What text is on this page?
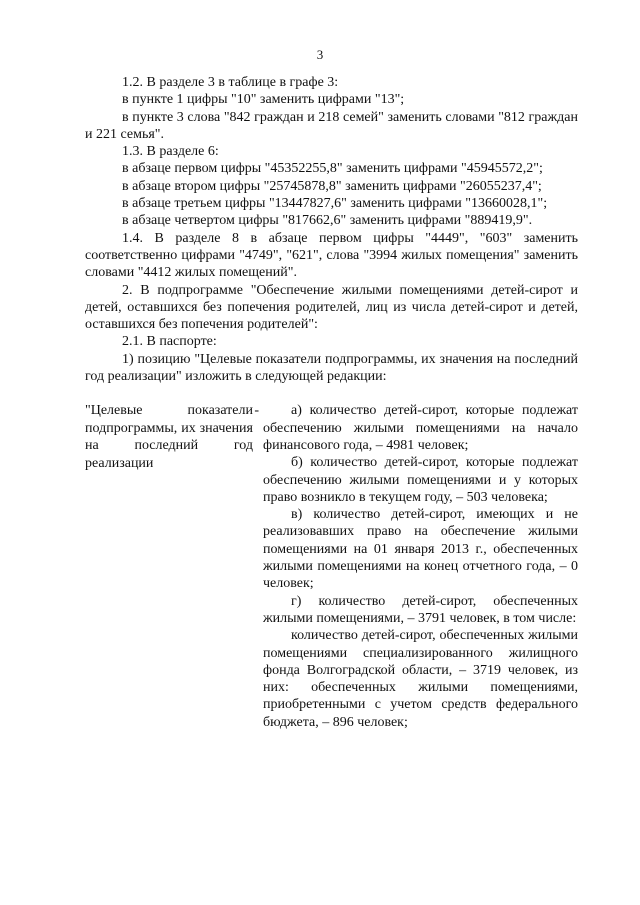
3

1.2. В разделе 3 в таблице в графе 3:

в пункте 1 цифры "10" заменить цифрами "13";

в пункте 3 слова "842 граждан и 218 семей" заменить словами "812 граждан и 221 семья".

1.3. В разделе 6:

в абзаце первом цифры "45352255,8" заменить цифрами "45945572,2";

в абзаце втором цифры "25745878,8" заменить цифрами "26055237,4";

в абзаце третьем цифры "13447827,6" заменить цифрами "13660028,1";

в абзаце четвертом цифры "817662,6" заменить цифрами "889419,9".

1.4. В разделе 8 в абзаце первом цифры "4449", "603" заменить соответственно цифрами "4749", "621", слова "3994 жилых помещения" заменить словами "4412 жилых помещений".

2. В подпрограмме "Обеспечение жилыми помещениями детей-сирот и детей, оставшихся без попечения родителей, лиц из числа детей-сирот и детей, оставшихся без попечения родителей":

2.1. В паспорте:

1) позицию "Целевые показатели подпрограммы, их значения на последний год реализации" изложить в следующей редакции:

"Целевые показатели подпрограммы, их значения на последний год реализации
-	а) количество детей-сирот, которые подлежат обеспечению жилыми помещениями на начало финансового года, – 4981 человек;

б) количество детей-сирот, которые подлежат обеспечению жилыми помещениями и у которых право возникло в текущем году, – 503 человека;

в) количество детей-сирот, имеющих и не реализовавших право на обеспечение жилыми помещениями на 01 января 2013 г., обеспеченных жилыми помещениями на конец отчетного года, – 0 человек;

г) количество детей-сирот, обеспеченных жилыми помещениями, – 3791 человек, в том числе:

количество детей-сирот, обеспеченных жилыми помещениями специализированного жилищного фонда Волгоградской области, – 3719 человек, из них: обеспеченных жилыми помещениями, приобретенными с учетом средств федерального бюджета, – 896 человек;
